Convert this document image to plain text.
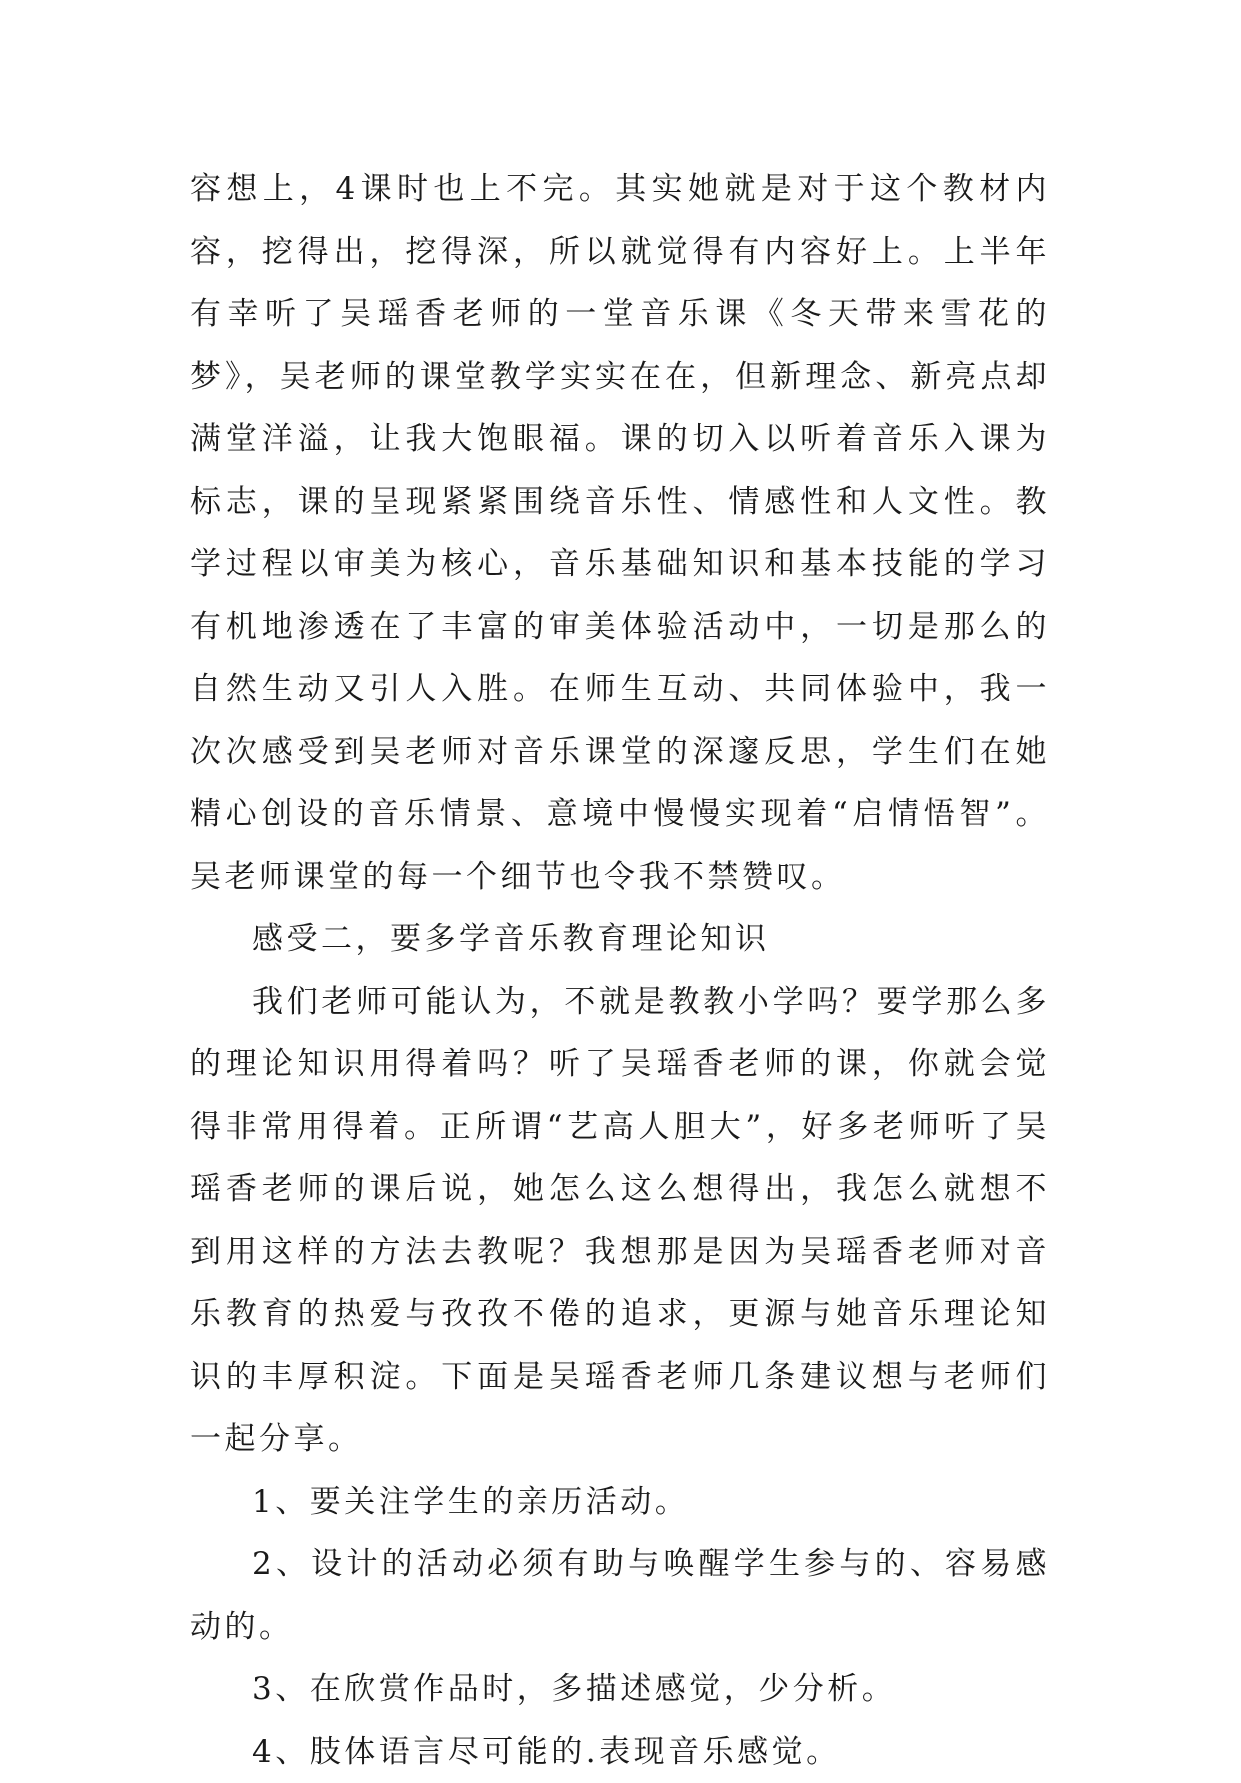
容想上，4课时也上不完。其实她就是对于这个教材内容，挖得出，挖得深，所以就觉得有内容好上。上半年有幸听了吴瑶香老师的一堂音乐课《冬天带来雪花的梦》，吴老师的课堂教学实实在在，但新理念、新亮点却满堂洋溢，让我大饱眼福。课的切入以听着音乐入课为标志，课的呈现紧紧围绕音乐性、情感性和人文性。教学过程以审美为核心，音乐基础知识和基本技能的学习有机地渗透在了丰富的审美体验活动中，一切是那么的自然生动又引人入胜。在师生互动、共同体验中，我一次次感受到吴老师对音乐课堂的深邃反思，学生们在她精心创设的音乐情景、意境中慢慢实现着“启情悟智”。吴老师课堂的每一个细节也令我不禁赞叹。

感受二，要多学音乐教育理论知识

我们老师可能认为，不就是教教小学吗？要学那么多的理论知识用得着吗？听了吴瑶香老师的课，你就会觉得非常用得着。正所谓“艺高人胆大”，好多老师听了吴瑶香老师的课后说，她怎么这么想得出，我怎么就想不到用这样的方法去教呢？我想那是因为吴瑶香老师对音乐教育的热爱与孜孜不倦的追求，更源与她音乐理论知识的丰厚积淀。下面是吴瑶香老师几条建议想与老师们一起分享。

1、要关注学生的亲历活动。

2、设计的活动必须有助与唤醒学生参与的、容易感动的。

3、在欣赏作品时，多描述感觉，少分析。

4、肢体语言尽可能的.表现音乐感觉。
